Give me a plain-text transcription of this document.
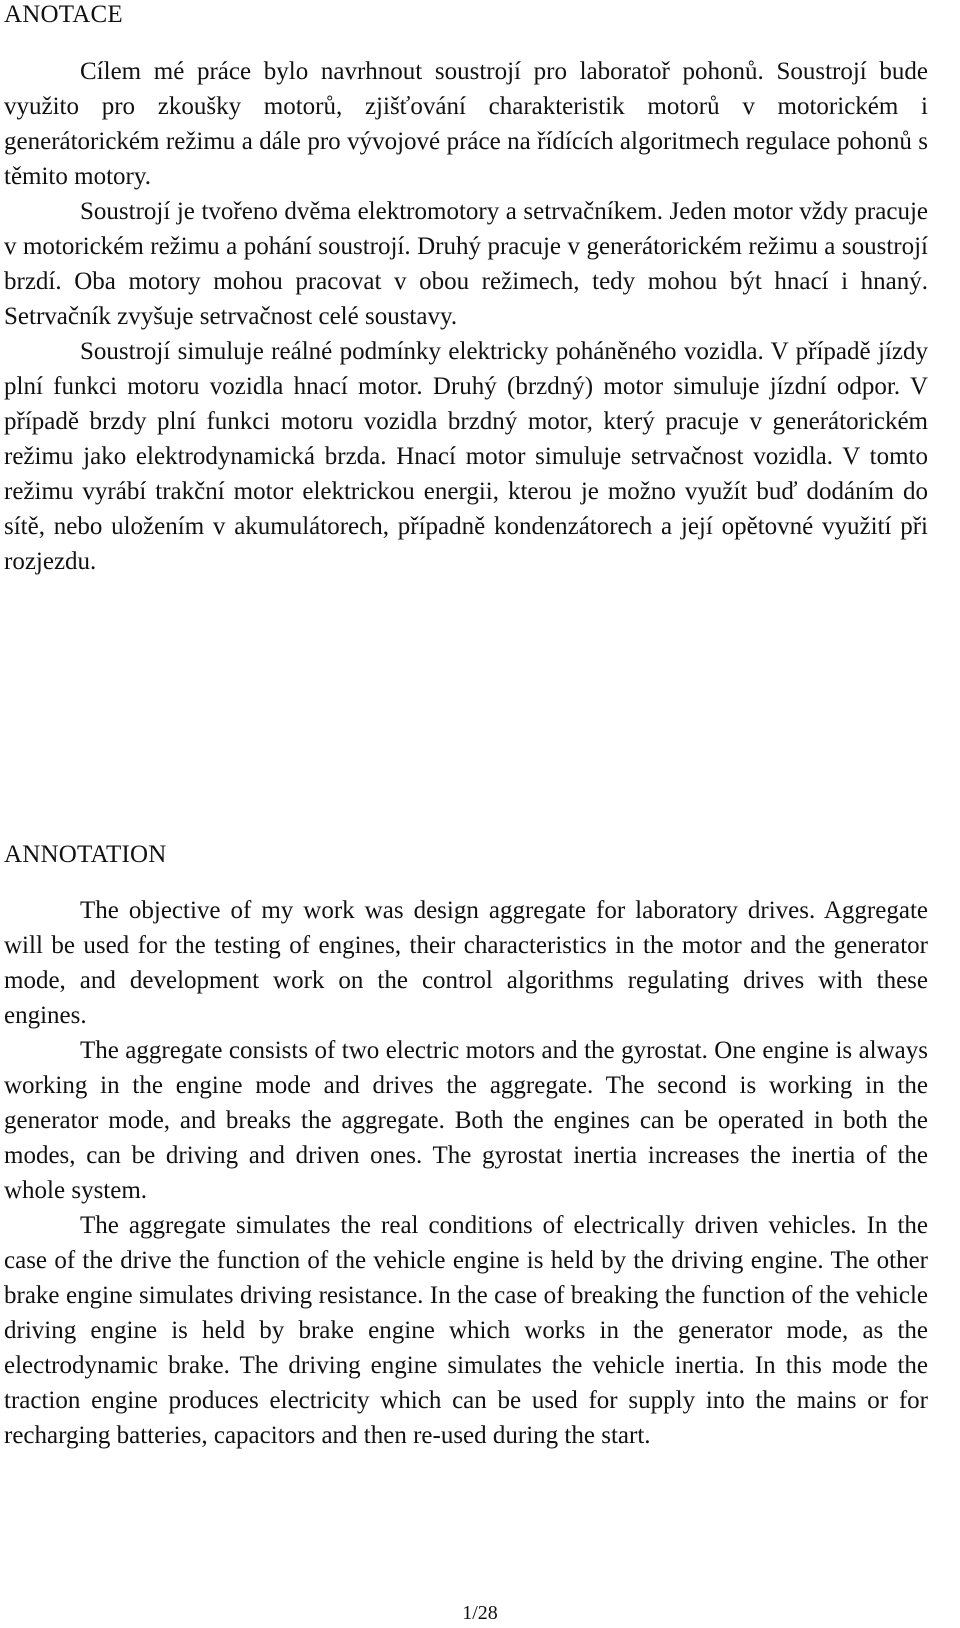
ANOTACE

Cílem mé práce bylo navrhnout soustrojí pro laboratoř pohonů. Soustrojí bude využito pro zkoušky motorů, zjišťování charakteristik motorů v motorickém i generátorickém režimu a dále pro vývojové práce na řídících algoritmech regulace pohonů s těmito motory.

Soustrojí je tvořeno dvěma elektromotory a setrvačníkem. Jeden motor vždy pracuje v motorickém režimu a pohání soustrojí. Druhý pracuje v generátorickém režimu a soustrojí brzdí. Oba motory mohou pracovat v obou režimech, tedy mohou být hnací i hnaný. Setrvačník zvyšuje setrvačnost celé soustavy.

Soustrojí simuluje reálné podmínky elektricky poháněného vozidla. V případě jízdy plní funkci motoru vozidla hnací motor. Druhý (brzdný) motor simuluje jízdní odpor. V případě brzdy plní funkci motoru vozidla brzdný motor, který pracuje v generátorickém režimu jako elektrodynamická brzda. Hnací motor simuluje setrvačnost vozidla. V tomto režimu vyrábí trakční motor elektrickou energii, kterou je možno využít buď dodáním do sítě, nebo uložením v akumulátorech, případně kondenzátorech a její opětovné využití při rozjezdu.

ANNOTATION

The objective of my work was design aggregate for laboratory drives. Aggregate will be used for the testing of engines, their characteristics in the motor and the generator mode, and development work on the control algorithms regulating drives with these engines.

The aggregate consists of two electric motors and the gyrostat. One engine is always working in the engine mode and drives the aggregate. The second is working in the generator mode, and breaks the aggregate. Both the engines can be operated in both the modes, can be driving and driven ones. The gyrostat inertia increases the inertia of the whole system.

The aggregate simulates the real conditions of electrically driven vehicles. In the case of the drive the function of the vehicle engine is held by the driving engine. The other brake engine simulates driving resistance. In the case of breaking the function of the vehicle driving engine is held by brake engine which works in the generator mode, as the electrodynamic brake. The driving engine simulates the vehicle inertia. In this mode the traction engine produces electricity which can be used for supply into the mains or for recharging batteries, capacitors and then re-used during the start.

1/28
